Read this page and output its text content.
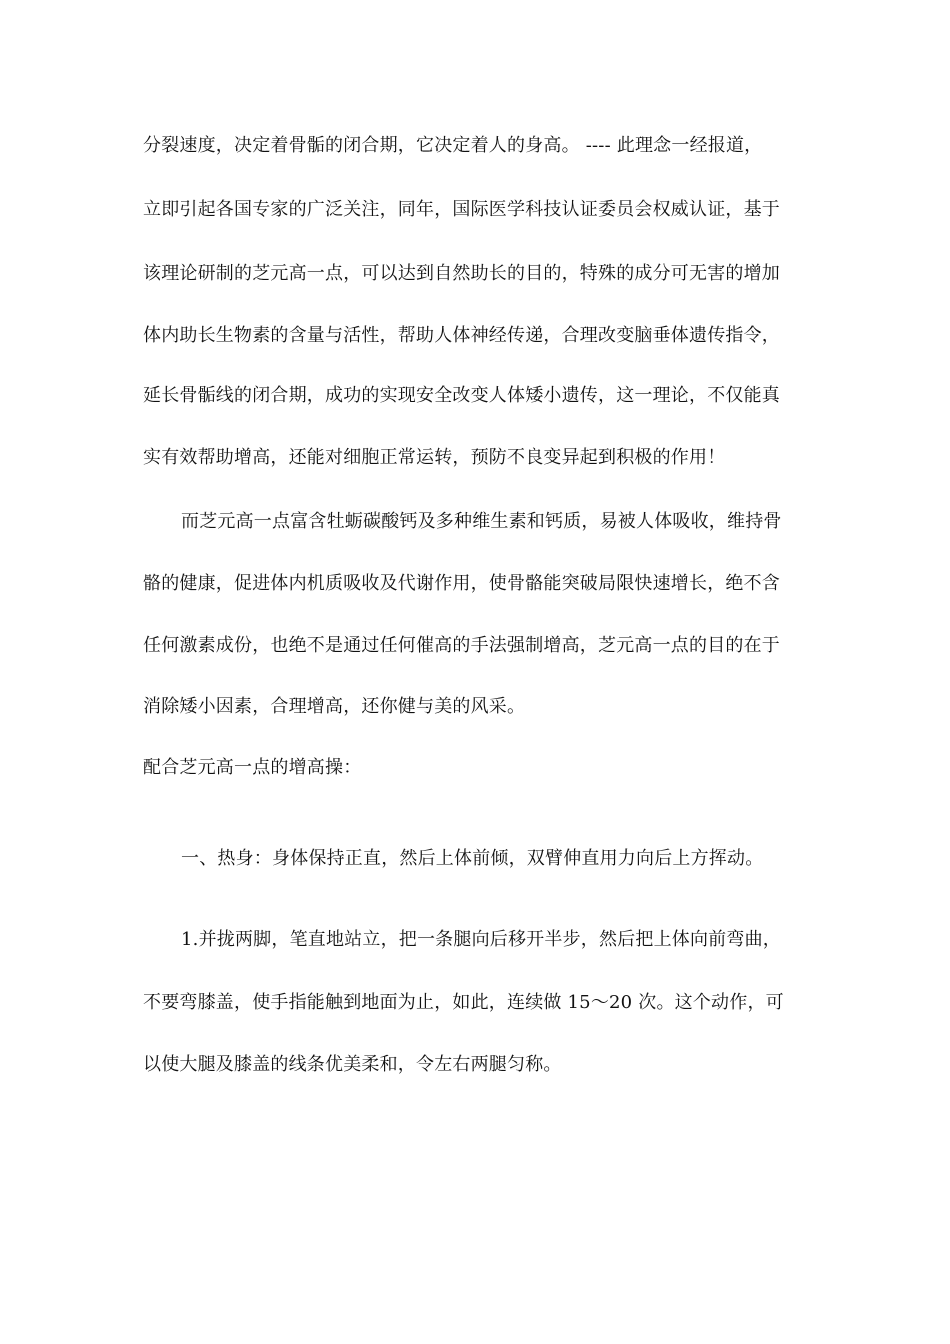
分裂速度，决定着骨骺的闭合期，它决定着人的身高。 ---- 此理念一经报道，
立即引起各国专家的广泛关注，同年，国际医学科技认证委员会权威认证，基于
该理论研制的芝元高一点，可以达到自然助长的目的，特殊的成分可无害的增加
体内助长生物素的含量与活性，帮助人体神经传递，合理改变脑垂体遗传指令，
延长骨骺线的闭合期，成功的实现安全改变人体矮小遗传，这一理论，不仅能真
实有效帮助增高，还能对细胞正常运转，预防不良变异起到积极的作用！
而芝元高一点富含牡蛎碳酸钙及多种维生素和钙质，易被人体吸收，维持骨
骼的健康，促进体内机质吸收及代谢作用，使骨骼能突破局限快速增长，绝不含
任何激素成份，也绝不是通过任何催高的手法强制增高，芝元高一点的目的在于
消除矮小因素，合理增高，还你健与美的风采。
配合芝元高一点的增高操：
一、热身：身体保持正直，然后上体前倾，双臂伸直用力向后上方挥动。
1.并拢两脚，笔直地站立，把一条腿向后移开半步，然后把上体向前弯曲，
不要弯膝盖，使手指能触到地面为止，如此，连续做 15～20 次。这个动作，可
以使大腿及膝盖的线条优美柔和，令左右两腿匀称。
